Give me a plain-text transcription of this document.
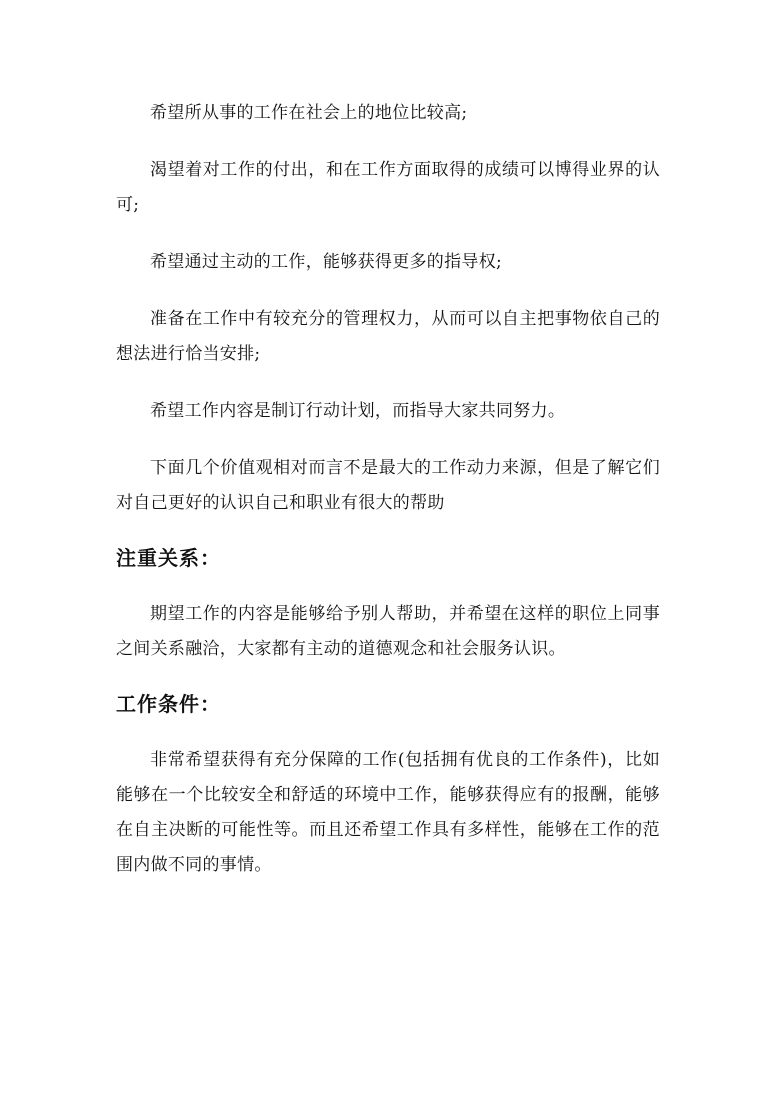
希望所从事的工作在社会上的地位比较高;

渴望着对工作的付出，和在工作方面取得的成绩可以博得业界的认可;

希望通过主动的工作，能够获得更多的指导权;

准备在工作中有较充分的管理权力，从而可以自主把事物依自己的想法进行恰当安排;

希望工作内容是制订行动计划，而指导大家共同努力。

下面几个价值观相对而言不是最大的工作动力来源，但是了解它们对自己更好的认识自己和职业有很大的帮助

注重关系：

期望工作的内容是能够给予别人帮助，并希望在这样的职位上同事之间关系融洽，大家都有主动的道德观念和社会服务认识。

工作条件：

非常希望获得有充分保障的工作(包括拥有优良的工作条件)，比如能够在一个比较安全和舒适的环境中工作，能够获得应有的报酬，能够在自主决断的可能性等。而且还希望工作具有多样性，能够在工作的范围内做不同的事情。
